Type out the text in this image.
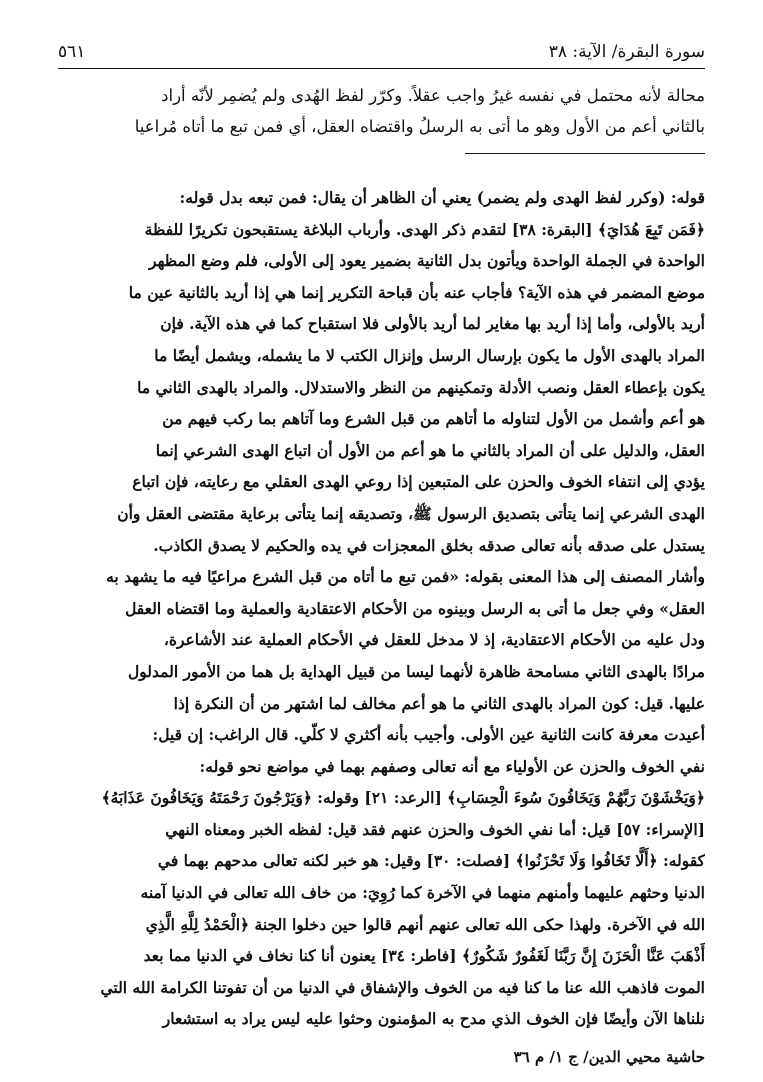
سورة البقرة/ الآية: ٣٨
٥٦١

محالة لأنه محتمل في نفسه غيرُ واجب عقلاً. وكرّر لفظ الهُدى ولم يُضمِر لأنّه أراد

بالثاني أعم من الأول وهو ما أتى به الرسلُ واقتضاه العقل، أي فمن تبع ما أتاه مُراعيا

قوله: (وكرر لفظ الهدى ولم يضمر) يعني أن الظاهر أن يقال: فمن تبعه بدل قوله:

﴿فَمَن تَبِعَ هُدَايَ﴾ [البقرة: ٣٨] لتقدم ذكر الهدى. وأرباب البلاغة يستقبحون تكريرًا للفظة

الواحدة في الجملة الواحدة ويأتون بدل الثانية بضمير يعود إلى الأولى، فلم وضع المظهر

موضع المضمر في هذه الآية؟ فأجاب عنه بأن قباحة التكرير إنما هي إذا أريد بالثانية عين ما

أريد بالأولى، وأما إذا أريد بها مغاير لما أريد بالأولى فلا استقباح كما في هذه الآية. فإن

المراد بالهدى الأول ما يكون بإرسال الرسل وإنزال الكتب لا ما يشمله، ويشمل أيضًا ما

يكون بإعطاء العقل ونصب الأدلة وتمكينهم من النظر والاستدلال. والمراد بالهدى الثاني ما

هو أعم وأشمل من الأول لتناوله ما أتاهم من قبل الشرع وما آتاهم بما ركب فيهم من

العقل، والدليل على أن المراد بالثاني ما هو أعم من الأول أن اتباع الهدى الشرعي إنما

يؤدي إلى انتفاء الخوف والحزن على المتبعين إذا روعي الهدى العقلي مع رعايته، فإن اتباع

الهدى الشرعي إنما يتأتى بتصديق الرسول ﷺ، وتصديقه إنما يتأتى برعاية مقتضى العقل وأن

يستدل على صدقه بأنه تعالى صدقه بخلق المعجزات في يده والحكيم لا يصدق الكاذب.

وأشار المصنف إلى هذا المعنى بقوله: «فمن تبع ما أتاه من قبل الشرع مراعيًا فيه ما يشهد به

العقل» وفي جعل ما أتى به الرسل وبينوه من الأحكام الاعتقادية والعملية وما اقتضاه العقل

ودل عليه من الأحكام الاعتقادية، إذ لا مدخل للعقل في الأحكام العملية عند الأشاعرة،

مرادًا بالهدى الثاني مسامحة ظاهرة لأنهما ليسا من قبيل الهداية بل هما من الأمور المدلول

عليها. قيل: كون المراد بالهدى الثاني ما هو أعم مخالف لما اشتهر من أن النكرة إذا

أعيدت معرفة كانت الثانية عين الأولى. وأجيب بأنه أكثري لا كلّي. قال الراغب: إن قيل:

نفي الخوف والحزن عن الأولياء مع أنه تعالى وصفهم بهما في مواضع نحو قوله:

﴿وَيَخْشَوْنَ رَبَّهُمْ وَيَخَافُونَ سُوءَ الْحِسَابِ﴾ [الرعد: ٢١] وقوله: ﴿وَيَرْجُونَ رَحْمَتَهُ وَيَخَافُونَ عَذَابَهُ﴾

[الإسراء: ٥٧] قيل: أما نفي الخوف والحزن عنهم فقد قيل: لفظه الخبر ومعناه النهي

كقوله: ﴿أَلَّا تَخَافُوا وَلَا تَحْزَنُوا﴾ [فصلت: ٣٠] وقيل: هو خبر لكنه تعالى مدحهم بهما في

الدنيا وحثهم عليهما وأمنهم منهما في الآخرة كما رُوِيَ: من خاف الله تعالى في الدنيا آمنه

الله في الآخرة. ولهذا حكى الله تعالى عنهم أنهم قالوا حين دخلوا الجنة ﴿الْحَمْدُ لِلَّهِ الَّذِي

أَذْهَبَ عَنَّا الْحَزَنَ إِنَّ رَبَّنَا لَغَفُورٌ شَكُورٌ﴾ [فاطر: ٣٤] يعنون أنا كنا نخاف في الدنيا مما بعد

الموت فاذهب الله عنا ما كنا فيه من الخوف والإشفاق في الدنيا من أن تفوتنا الكرامة الله التي

نلناها الآن وأيضًا فإن الخوف الذي مدح به المؤمنون وحثوا عليه ليس يراد به استشعار

حاشية محيي الدين/ ج ١/ م ٣٦
